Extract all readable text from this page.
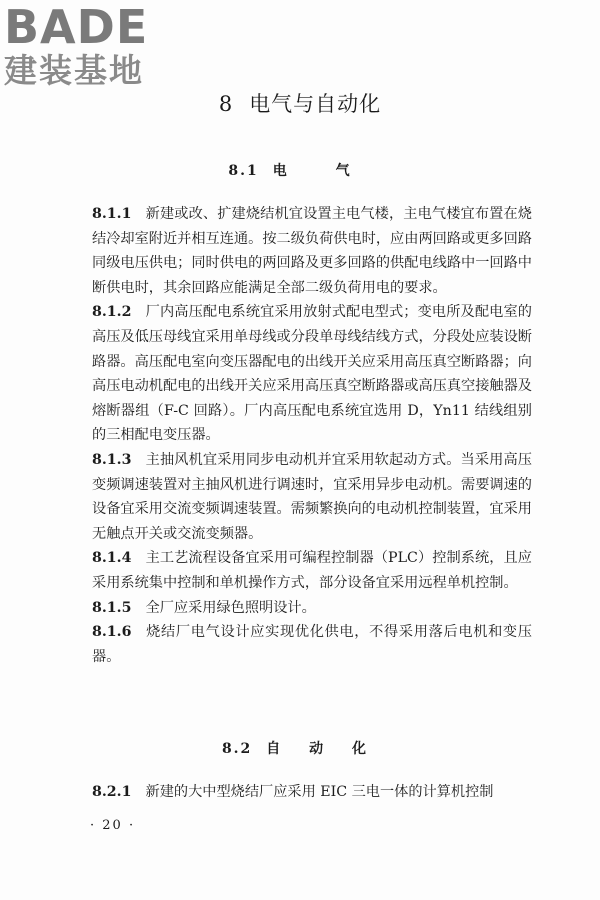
BADE
建装基地
8 电气与自动化
8.1 电 气

8.1.1 新建或改、扩建烧结机宜设置主电气楼，主电气楼宜布置在烧结冷却室附近并相互连通。按二级负荷供电时，应由两回路或更多回路同级电压供电；同时供电的两回路及更多回路的供配电线路中一回路中断供电时，其余回路应能满足全部二级负荷用电的要求。

8.1.2 厂内高压配电系统宜采用放射式配电型式；变电所及配电室的高压及低压母线宜采用单母线或分段单母线结线方式，分段处应装设断路器。高压配电室向变压器配电的出线开关应采用高压真空断路器；向高压电动机配电的出线开关应采用高压真空断路器或高压真空接触器及熔断器组（F-C 回路）。厂内高压配电系统宜选用 D，Yn11 结线组别的三相配电变压器。

8.1.3 主抽风机宜采用同步电动机并宜采用软起动方式。当采用高压变频调速装置对主抽风机进行调速时，宜采用异步电动机。需要调速的设备宜采用交流变频调速装置。需频繁换向的电动机控制装置，宜采用无触点开关或交流变频器。

8.1.4 主工艺流程设备宜采用可编程控制器（PLC）控制系统，且应采用系统集中控制和单机操作方式，部分设备宜采用远程单机控制。

8.1.5 全厂应采用绿色照明设计。

8.1.6 烧结厂电气设计应实现优化供电，不得采用落后电机和变压器。

8.2 自 动 化

8.2.1 新建的大中型烧结厂应采用 EIC 三电一体的计算机控制

· 20 ·
